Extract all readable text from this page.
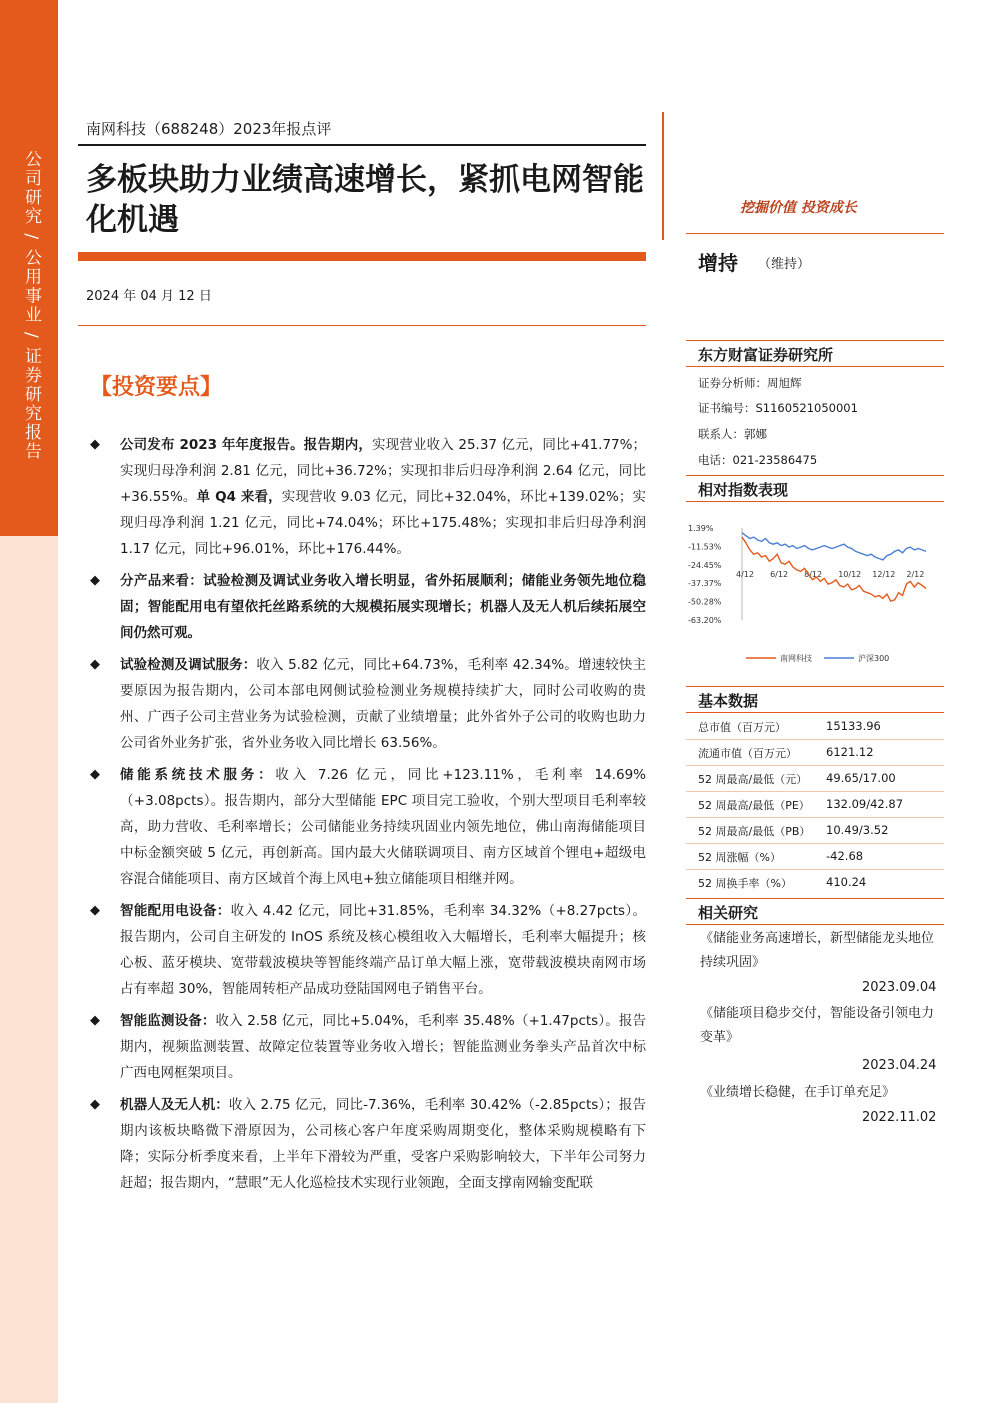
公司研究 / 公用事业 / 证券研究报告
南网科技（688248）2023年报点评
多板块助力业绩高速增长，紧抓电网智能化机遇
2024 年 04 月 12 日
【投资要点】
◆ 公司发布 2023 年年度报告。报告期内，实现营业收入 25.37 亿元，同比+41.77%；实现归母净利润 2.81 亿元，同比+36.72%；实现扣非后归母净利润 2.64 亿元，同比+36.55%。单 Q4 来看，实现营收 9.03 亿元，同比+32.04%，环比+139.02%；实现归母净利润 1.21 亿元，同比+74.04%；环比+175.48%；实现扣非后归母净利润 1.17 亿元，同比+96.01%，环比+176.44%。
◆ 分产品来看：试验检测及调试业务收入增长明显，省外拓展顺利；储能业务领先地位稳固；智能配用电有望依托丝路系统的大规模拓展实现增长；机器人及无人机后续拓展空间仍然可观。
◆ 试验检测及调试服务：收入 5.82 亿元，同比+64.73%，毛利率 42.34%。增速较快主要原因为报告期内，公司本部电网侧试验检测业务规模持续扩大，同时公司收购的贵州、广西子公司主营业务为试验检测，贡献了业绩增量；此外省外子公司的收购也助力公司省外业务扩张，省外业务收入同比增长 63.56%。
◆ 储能系统技术服务：收入 7.26 亿元，同比+123.11%，毛利率 14.69%（+3.08pcts）。报告期内，部分大型储能 EPC 项目完工验收，个别大型项目毛利率较高，助力营收、毛利率增长；公司储能业务持续巩固业内领先地位，佛山南海储能项目中标金额突破 5 亿元，再创新高。国内最大火储联调项目、南方区域首个锂电+超级电容混合储能项目、南方区域首个海上风电+独立储能项目相继并网。
◆ 智能配用电设备：收入 4.42 亿元，同比+31.85%，毛利率 34.32%（+8.27pcts）。报告期内，公司自主研发的 InOS 系统及核心模组收入大幅增长，毛利率大幅提升；核心板、蓝牙模块、宽带载波模块等智能终端产品订单大幅上涨，宽带载波模块南网市场占有率超 30%，智能周转柜产品成功登陆国网电子销售平台。
◆ 智能监测设备：收入 2.58 亿元，同比+5.04%，毛利率 35.48%（+1.47pcts）。报告期内，视频监测装置、故障定位装置等业务收入增长；智能监测业务拳头产品首次中标广西电网框架项目。
◆ 机器人及无人机：收入 2.75 亿元，同比-7.36%，毛利率 30.42%（-2.85pcts）；报告期内该板块略微下滑原因为，公司核心客户年度采购周期变化，整体采购规模略有下降；实际分析季度来看，上半年下滑较为严重，受客户采购影响较大，下半年公司努力赶超；报告期内，“慧眼”无人化巡检技术实现行业领跑，全面支撑南网输变配联
挖掘价值 投资成长
增持 （维持）
东方财富证券研究所
证券分析师：周旭辉
证书编号：S1160521050001
联系人：郭娜
电话：021-23586475
相对指数表现
1.39%
-11.53%
-24.45%
-37.37%
-50.28%
-63.20%
4/12 6/12 8/12 10/12 12/12 2/12
南网科技	沪深300
基本数据
总市值（百万元）	15133.96
流通市值（百万元）	6121.12
52 周最高/最低（元） 49.65/17.00
52 周最高/最低（PE） 132.09/42.87
52 周最高/最低（PB） 10.49/3.52
52 周涨幅（%）	-42.68
52 周换手率（%）	410.24
相关研究
《储能业务高速增长，新型储能龙头地位持续巩固》
2023.09.04
《储能项目稳步交付，智能设备引领电力变革》
2023.04.24
《业绩增长稳健，在手订单充足》
2022.11.02
